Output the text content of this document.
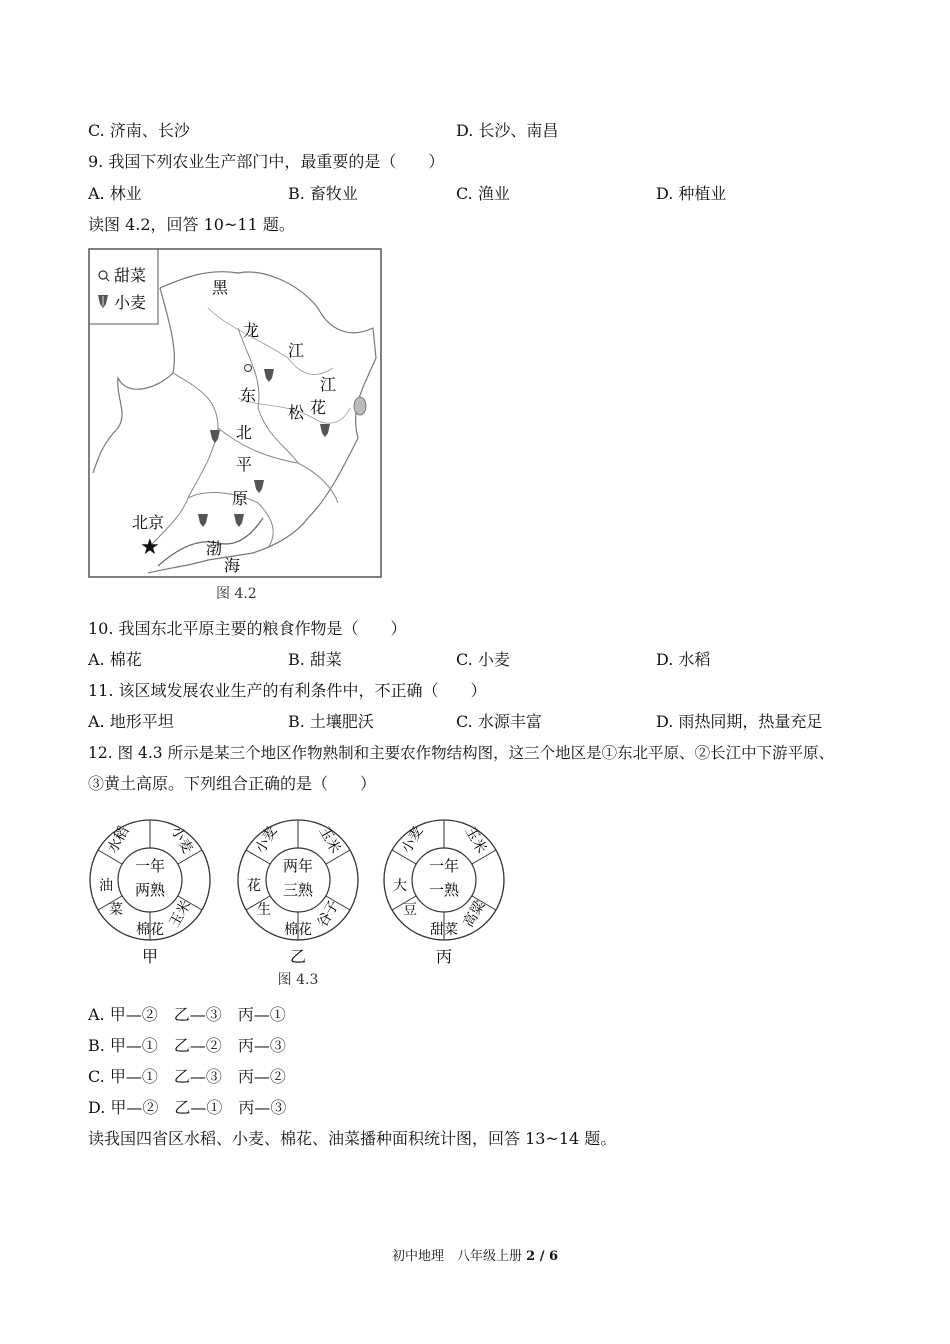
C. 济南、长沙	D. 长沙、南昌
9. 我国下列农业生产部门中，最重要的是（　　）
A. 林业	B. 畜牧业	C. 渔业	D. 种植业
读图 4.2，回答 10~11 题。
甜菜
小麦
黑
龙
江
江
松 花
东
北
平
原
渤
海
北京
★
图 4.2
10. 我国东北平原主要的粮食作物是（　　）
A. 棉花	B. 甜菜	C. 小麦	D. 水稻
11. 该区域发展农业生产的有利条件中，不正确（　　）
A. 地形平坦	B. 土壤肥沃	C. 水源丰富	D. 雨热同期，热量充足
12. 图 4.3 所示是某三个地区作物熟制和主要农作物结构图，这三个地区是①东北平原、②长江中下游平原、
③黄土高原。下列组合正确的是（　　）
一年
两熟
水稻	小麦
玉米
棉花
菜
油
甲
两年
三熟
小麦	玉米
谷子
棉花
生
花
乙
一年
一熟
小麦	玉米
高粱
甜菜
豆
大
丙
图 4.3
A. 甲—②　乙—③　丙—①
B. 甲—①　乙—②　丙—③
C. 甲—①　乙—③　丙—②
D. 甲—②　乙—①　丙—③
读我国四省区水稻、小麦、棉花、油菜播种面积统计图，回答 13~14 题。
初中地理　八年级上册 2 / 6
